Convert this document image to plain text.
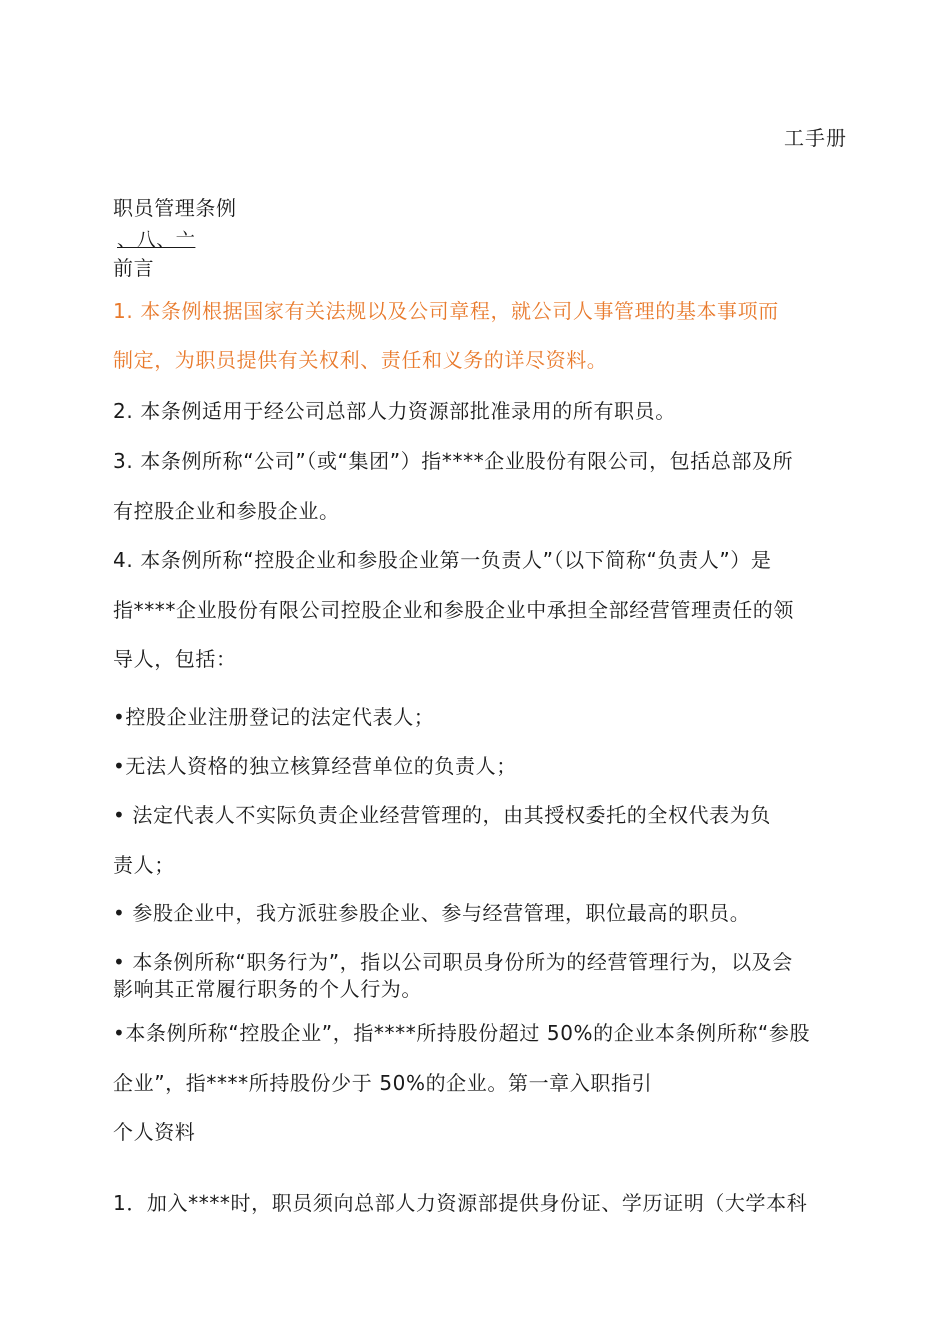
工手册
职员管理条例
、八、亠
前言
1. 本条例根据国家有关法规以及公司章程，就公司人事管理的基本事项而
制定，为职员提供有关权利、责任和义务的详尽资料。
2. 本条例适用于经公司总部人力资源部批准录用的所有职员。
3. 本条例所称“公司”（或“集团”）指****企业股份有限公司，包括总部及所
有控股企业和参股企业。
4. 本条例所称“控股企业和参股企业第一负责人”（以下简称“负责人”）是
指****企业股份有限公司控股企业和参股企业中承担全部经营管理责任的领
导人，包括：
•控股企业注册登记的法定代表人；
•无法人资格的独立核算经营单位的负责人；
• 法定代表人不实际负责企业经营管理的，由其授权委托的全权代表为负
责人；
• 参股企业中，我方派驻参股企业、参与经营管理，职位最高的职员。
• 本条例所称“职务行为”，指以公司职员身份所为的经营管理行为，以及会
影响其正常履行职务的个人行为。
•本条例所称“控股企业”，指****所持股份超过 50%的企业本条例所称“参股
企业”，指****所持股份少于 50%的企业。第一章入职指引
个人资料
1．加入****时，职员须向总部人力资源部提供身份证、学历证明（大学本科
